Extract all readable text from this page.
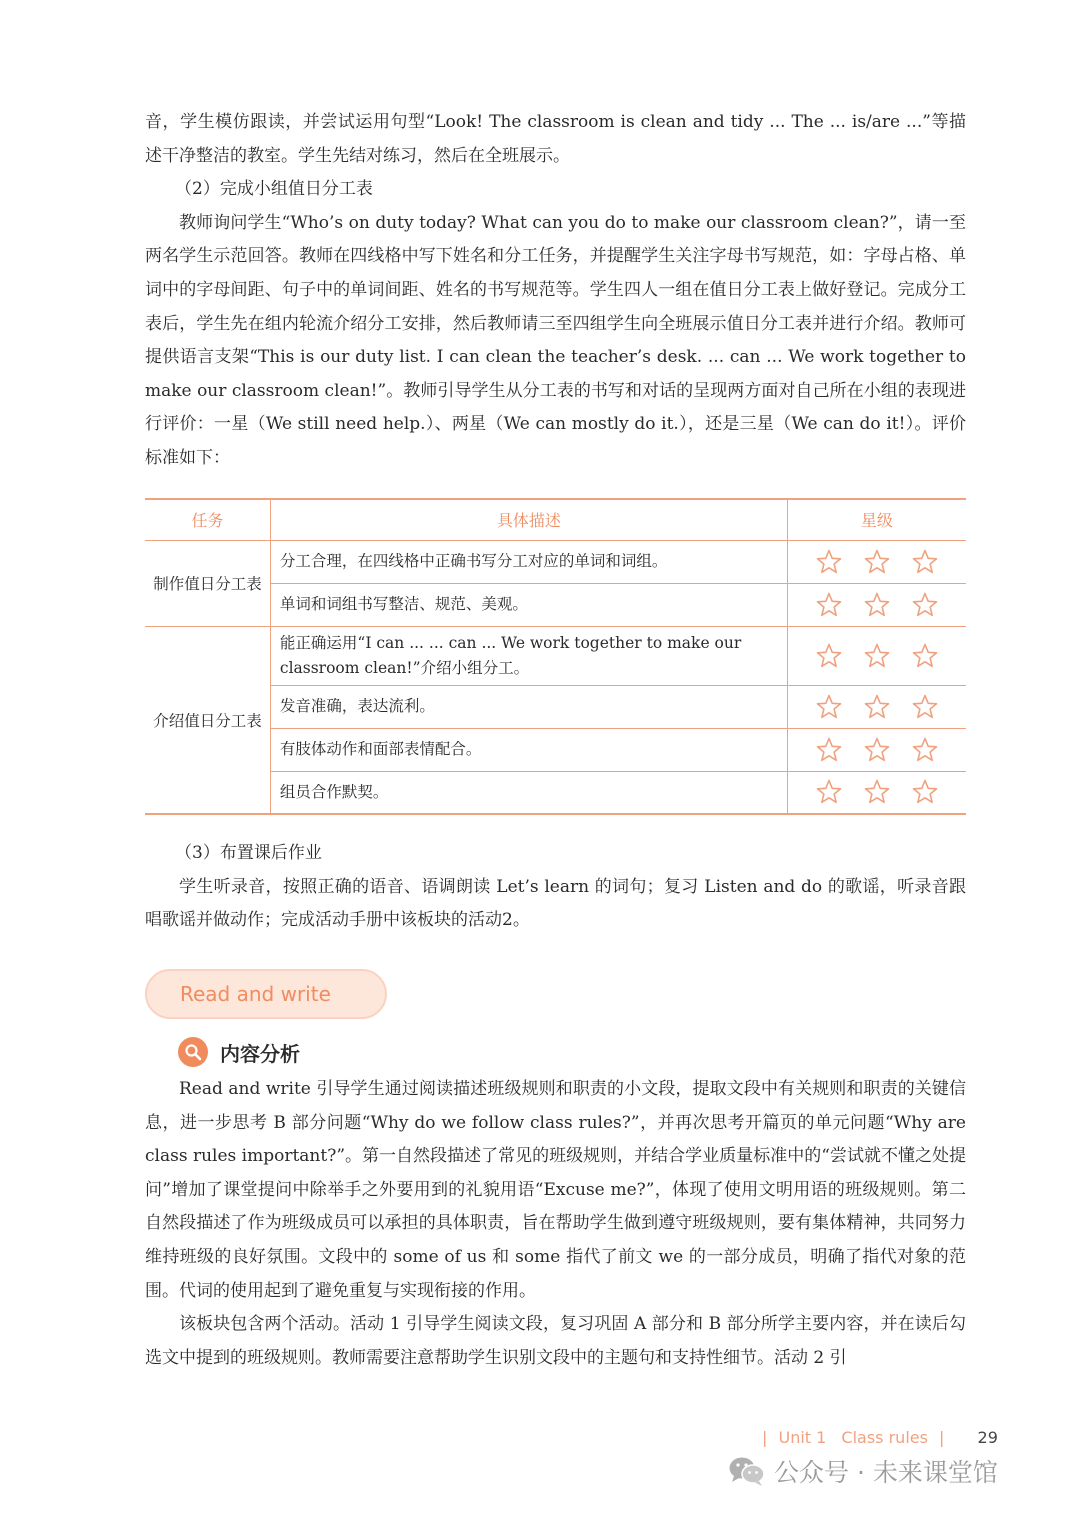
音，学生模仿跟读，并尝试运用句型“Look! The classroom is clean and tidy ... The ... is/are ...”等描述干净整洁的教室。学生先结对练习，然后在全班展示。

（2）完成小组值日分工表

教师询问学生“Who’s on duty today? What can you do to make our classroom clean?”，请一至两名学生示范回答。教师在四线格中写下姓名和分工任务，并提醒学生关注字母书写规范，如：字母占格、单词中的字母间距、句子中的单词间距、姓名的书写规范等。学生四人一组在值日分工表上做好登记。完成分工表后，学生先在组内轮流介绍分工安排，然后教师请三至四组学生向全班展示值日分工表并进行介绍。教师可提供语言支架“This is our duty list. I can clean the teacher’s desk. ... can ... We work together to make our classroom clean!”。教师引导学生从分工表的书写和对话的呈现两方面对自己所在小组的表现进行评价：一星（We still need help.）、两星（We can mostly do it.），还是三星（We can do it!）。评价标准如下：

任务	具体描述	星级
制作值日分工表	分工合理，在四线格中正确书写分工对应的单词和词组。	
	单词和词组书写整洁、规范、美观。	
介绍值日分工表	能正确运用“I can ... ... can ... We work together to make our classroom clean!”介绍小组分工。	
	发音准确，表达流利。	
	有肢体动作和面部表情配合。	
	组员合作默契。	

（3）布置课后作业

学生听录音，按照正确的语音、语调朗读 Let’s learn 的词句；复习 Listen and do 的歌谣，听录音跟唱歌谣并做动作；完成活动手册中该板块的活动2。

Read and write
内容分析

Read and write 引导学生通过阅读描述班级规则和职责的小文段，提取文段中有关规则和职责的关键信息，进一步思考 B 部分问题“Why do we follow class rules?”，并再次思考开篇页的单元问题“Why are class rules important?”。第一自然段描述了常见的班级规则，并结合学业质量标准中的“尝试就不懂之处提问”增加了课堂提问中除举手之外要用到的礼貌用语“Excuse me?”，体现了使用文明用语的班级规则。第二自然段描述了作为班级成员可以承担的具体职责，旨在帮助学生做到遵守班级规则，要有集体精神，共同努力维持班级的良好氛围。文段中的 some of us 和 some 指代了前文 we 的一部分成员，明确了指代对象的范围。代词的使用起到了避免重复与实现衔接的作用。

该板块包含两个活动。活动 1 引导学生阅读文段，复习巩固 A 部分和 B 部分所学主要内容，并在读后勾选文中提到的班级规则。教师需要注意帮助学生识别文段中的主题句和支持性细节。活动 2 引

| Unit 1 Class rules | 29
公众号 · 未来课堂馆
